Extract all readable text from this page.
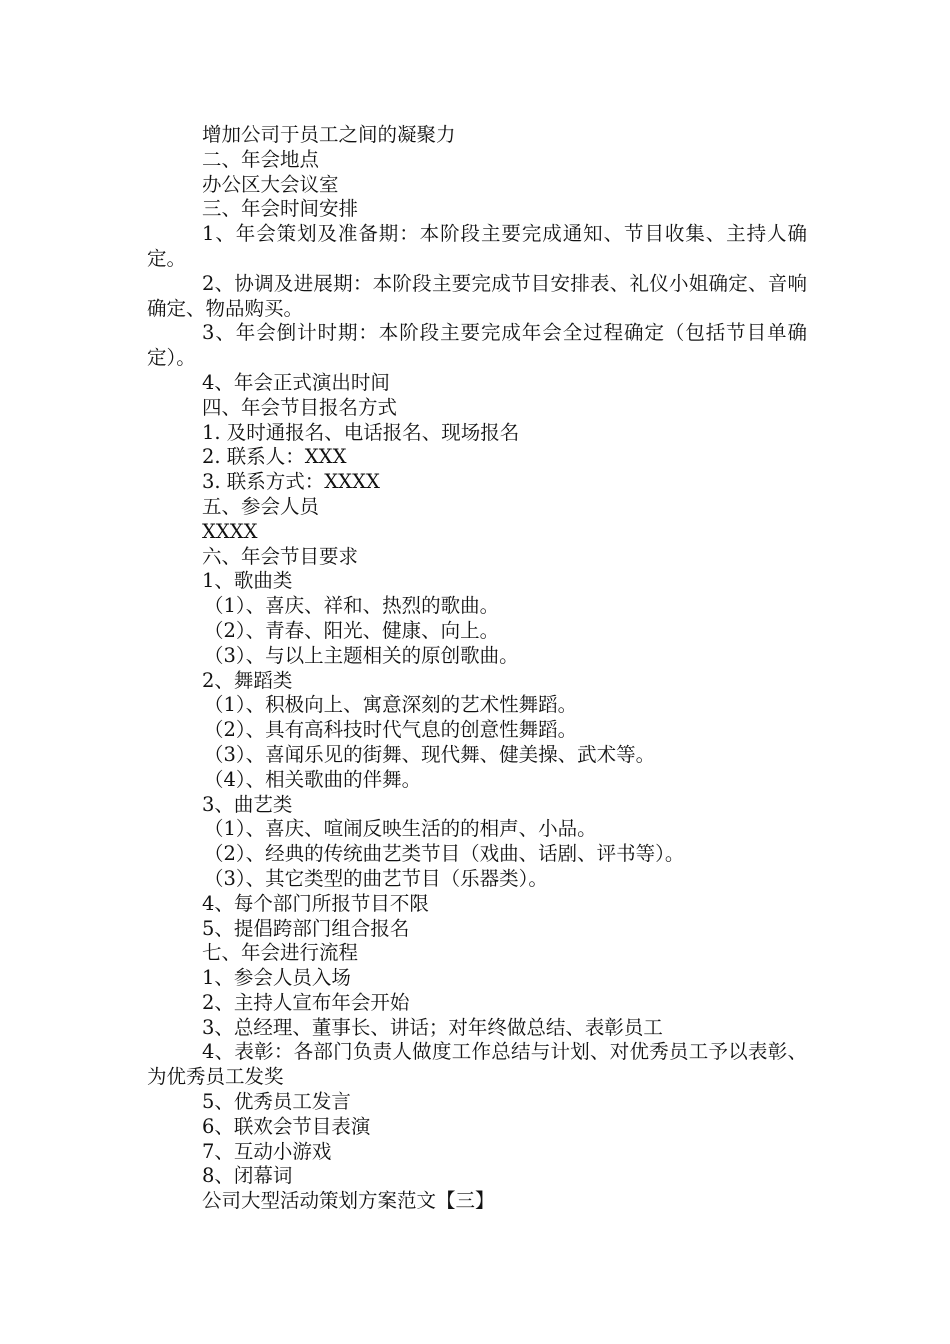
增加公司于员工之间的凝聚力

二、年会地点

办公区大会议室

三、年会时间安排

1、年会策划及准备期：本阶段主要完成通知、节目收集、主持人确定。

2、协调及进展期：本阶段主要完成节目安排表、礼仪小姐确定、音响确定、物品购买。

3、年会倒计时期：本阶段主要完成年会全过程确定（包括节目单确定）。

4、年会正式演出时间

四、年会节目报名方式

1. 及时通报名、电话报名、现场报名

2. 联系人：XXX

3. 联系方式：XXXX

五、参会人员

XXXX

六、年会节目要求

1、歌曲类

（1）、喜庆、祥和、热烈的歌曲。

（2）、青春、阳光、健康、向上。

（3）、与以上主题相关的原创歌曲。

2、舞蹈类

（1）、积极向上、寓意深刻的艺术性舞蹈。

（2）、具有高科技时代气息的创意性舞蹈。

（3）、喜闻乐见的街舞、现代舞、健美操、武术等。

（4）、相关歌曲的伴舞。

3、曲艺类

（1）、喜庆、喧闹反映生活的的相声、小品。

（2）、经典的传统曲艺类节目（戏曲、话剧、评书等）。

（3）、其它类型的曲艺节目（乐器类）。

4、每个部门所报节目不限

5、提倡跨部门组合报名

七、年会进行流程

1、参会人员入场

2、主持人宣布年会开始

3、总经理、董事长、讲话；对年终做总结、表彰员工

4、表彰：各部门负责人做度工作总结与计划、对优秀员工予以表彰、为优秀员工发奖

5、优秀员工发言

6、联欢会节目表演

7、互动小游戏

8、闭幕词

公司大型活动策划方案范文【三】
